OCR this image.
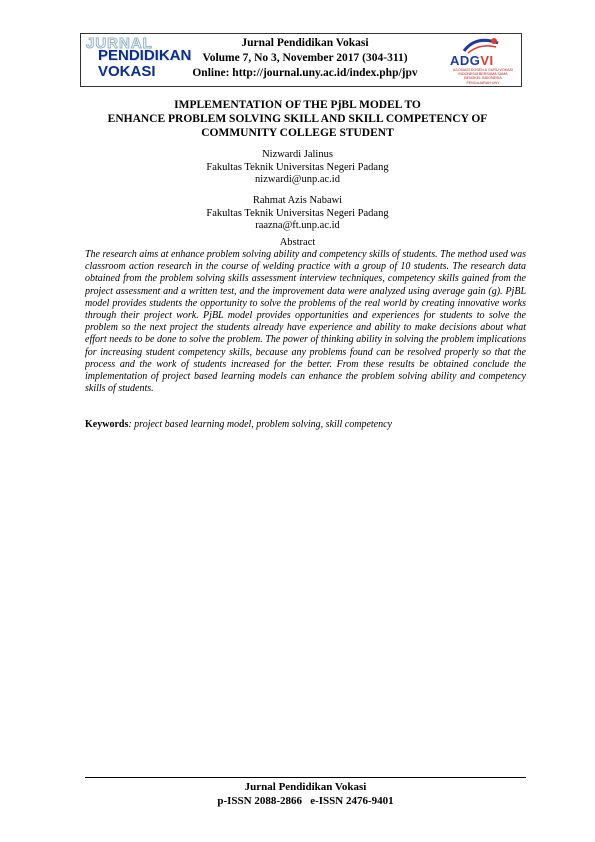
JURNAL
PENDIDIKAN
VOKASI
Jurnal Pendidikan Vokasi
Volume 7, No 3, November 2017 (304-311)
Online: http://journal.uny.ac.id/index.php/jpv
ADGVI
ASOSIASI DOSEN & GURU VOKASI INDONESIA BERSAMA SAMA BENGKEL INDONESIA PENGAJARAN UNY
IMPLEMENTATION OF THE PjBL MODEL TO
ENHANCE PROBLEM SOLVING SKILL AND SKILL COMPETENCY OF
COMMUNITY COLLEGE STUDENT
Nizwardi Jalinus
Fakultas Teknik Universitas Negeri Padang
nizwardi@unp.ac.id
Rahmat Azis Nabawi
Fakultas Teknik Universitas Negeri Padang
raazna@ft.unp.ac.id
Abstract
The research aims at enhance problem solving ability and competency skills of students. The method used was classroom action research in the course of welding practice with a group of 10 students. The research data obtained from the problem solving skills assessment interview techniques, competency skills gained from the project assessment and a written test, and the improvement data were analyzed using average gain (g). PjBL model provides students the opportunity to solve the problems of the real world by creating innovative works through their project work. PjBL model provides opportunities and experiences for students to solve the problem so the next project the students already have experience and ability to make decisions about what effort needs to be done to solve the problem. The power of thinking ability in solving the problem implications for increasing student competency skills, because any problems found can be resolved properly so that the process and the work of students increased for the better. From these results be obtained conclude the implementation of project based learning models can enhance the problem solving ability and competency skills of students.
Keywords: project based learning model, problem solving, skill competency
Jurnal Pendidikan Vokasi
p-ISSN 2088-2866   e-ISSN 2476-9401
